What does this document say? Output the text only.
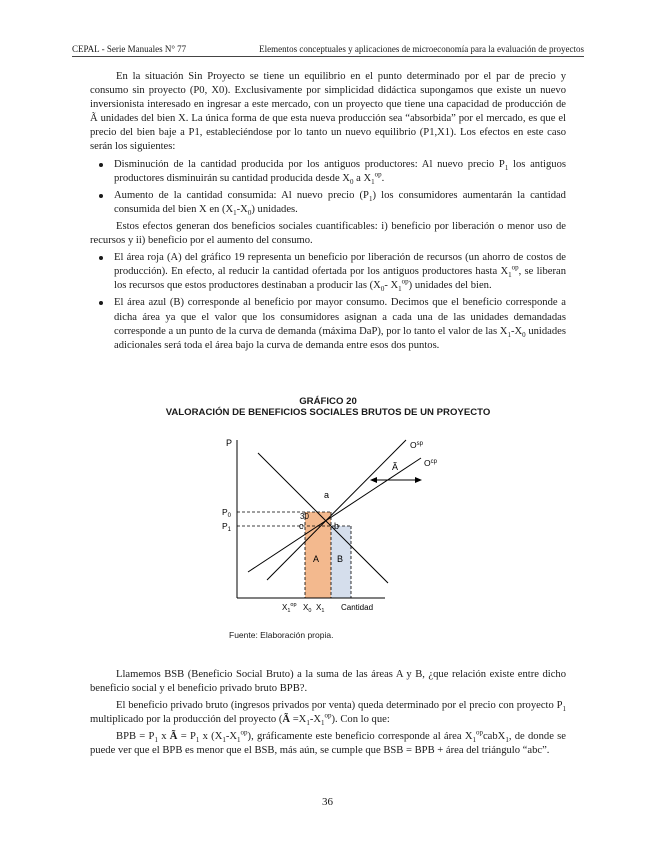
CEPAL - Serie Manuales N° 77	Elementos conceptuales y aplicaciones de microeconomía para la evaluación de proyectos

En la situación Sin Proyecto se tiene un equilibrio en el punto determinado por el par de precio y consumo sin proyecto (P0, X0). Exclusivamente por simplicidad didáctica supongamos que existe un nuevo inversionista interesado en ingresar a este mercado, con un proyecto que tiene una capacidad de producción de Ã unidades del bien X. La única forma de que esta nueva producción sea “absorbida” por el mercado, es que el precio del bien baje a P1, estableciéndose por lo tanto un nuevo equilibrio (P1,X1). Los efectos en este caso serán los siguientes:

Disminución de la cantidad producida por los antiguos productores: Al nuevo precio $P_1$ los antiguos productores disminuirán su cantidad producida desde $X_0$ a $X_1^{op}$.

Aumento de la cantidad consumida: Al nuevo precio $(P_1)$ los consumidores aumentarán la cantidad consumida del bien X en $(X_1-X_0)$ unidades.

Estos efectos generan dos beneficios sociales cuantificables: i) beneficio por liberación o menor uso de recursos y ii) beneficio por el aumento del consumo.

El área roja (A) del gráfico 19 representa un beneficio por liberación de recursos (un ahorro de costos de producción). En efecto, al reducir la cantidad ofertada por los antiguos productores hasta $X_1^{op}$, se liberan los recursos que estos productores destinaban a producir las ($X_0-$ $X_1^{op}$) unidades del bien.

El área azul (B) corresponde al beneficio por mayor consumo. Decimos que el beneficio corresponde a dicha área ya que el valor que los consumidores asignan a cada una de las unidades demandadas corresponde a un punto de la curva de demanda (máxima DaP), por lo tanto el valor de las $X_1-X_0$ unidades adicionales será toda el área bajo la curva de demanda entre esos dos puntos.

GRÁFICO 20
VALORACIÓN DE BENEFICIOS SOCIALES BRUTOS DE UN PROYECTO
P
$P_0$
$P_1$
a
b
c
30
A B
Ã
$O^{sp}$
$O^{cp}$
$X_1^{op}$ $X_0$ $X_1$ Cantidad
Fuente: Elaboración propia.

Llamemos BSB (Beneficio Social Bruto) a la suma de las áreas A y B, ¿que relación existe entre dicho beneficio social y el beneficio privado bruto BPB?.

El beneficio privado bruto (ingresos privados por venta) queda determinado por el precio con proyecto $P_1$ multiplicado por la producción del proyecto (Ã $=X_1-X_1^{op}$). Con lo que:

BPB = $P_1$ x Ã = $P_1$ x $(X_1-X_1^{op})$, gráficamente este beneficio corresponde al área $X_1^{op}cabX_1$, de donde se puede ver que el BPB es menor que el BSB, más aún, se cumple que BSB = BPB + área del triángulo “abc”.

36
